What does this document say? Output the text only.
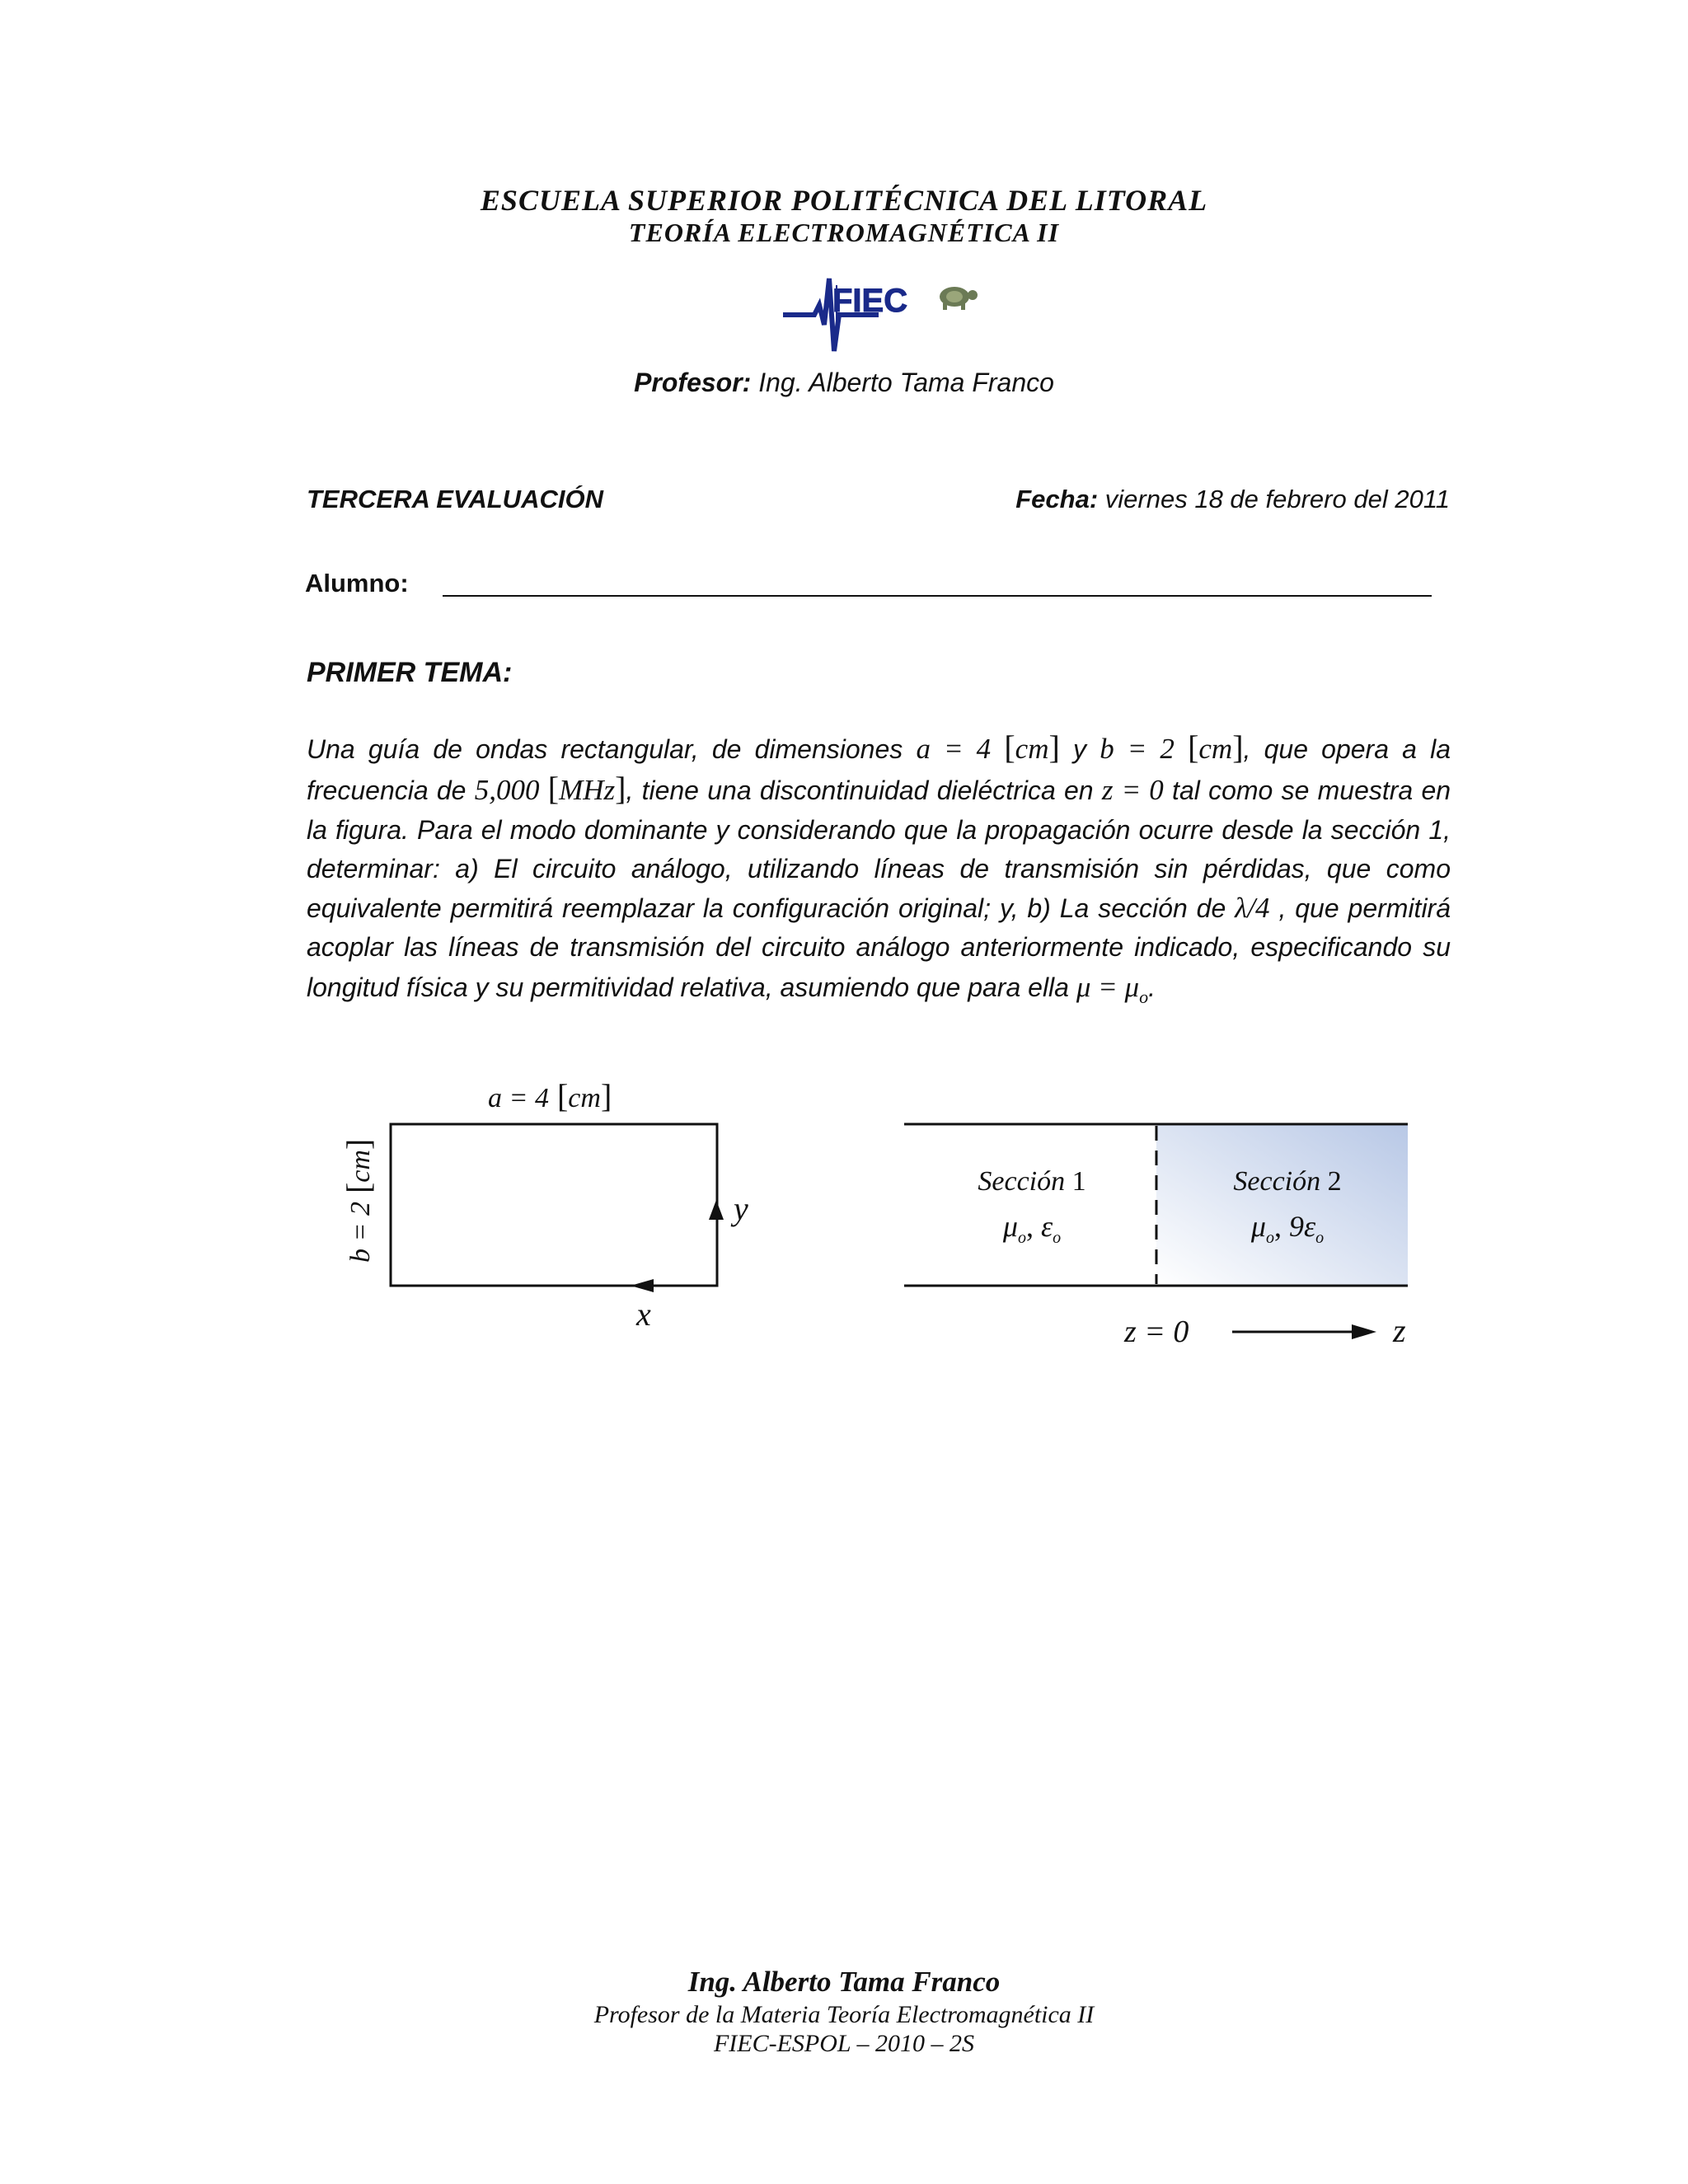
ESCUELA SUPERIOR POLITÉCNICA DEL LITORAL
TEORÍA ELECTROMAGNÉTICA II
FIEC
Profesor: Ing. Alberto Tama Franco
TERCERA EVALUACIÓN	Fecha: viernes 18 de febrero del 2011
Alumno:
PRIMER TEMA:
Una guía de ondas rectangular, de dimensiones a = 4 [cm] y b = 2 [cm], que opera a la frecuencia de 5,000 [MHz], tiene una discontinuidad dieléctrica en z = 0 tal como se muestra en la figura. Para el modo dominante y considerando que la propagación ocurre desde la sección 1, determinar: a) El circuito análogo, utilizando líneas de transmisión sin pérdidas, que como equivalente permitirá reemplazar la configuración original; y, b) La sección de λ/4 , que permitirá acoplar las líneas de transmisión del circuito análogo anteriormente indicado, especificando su longitud física y su permitividad relativa, asumiendo que para ella $\mu = \mu_o$.
a = 4 [cm]
b = 2 [cm]
y
x
Sección 1
$\mu_o$, $\varepsilon_o$
Sección 2
$\mu_o$, $9\varepsilon_o$
z = 0	z
Ing. Alberto Tama Franco
Profesor de la Materia Teoría Electromagnética II
FIEC-ESPOL – 2010 – 2S
